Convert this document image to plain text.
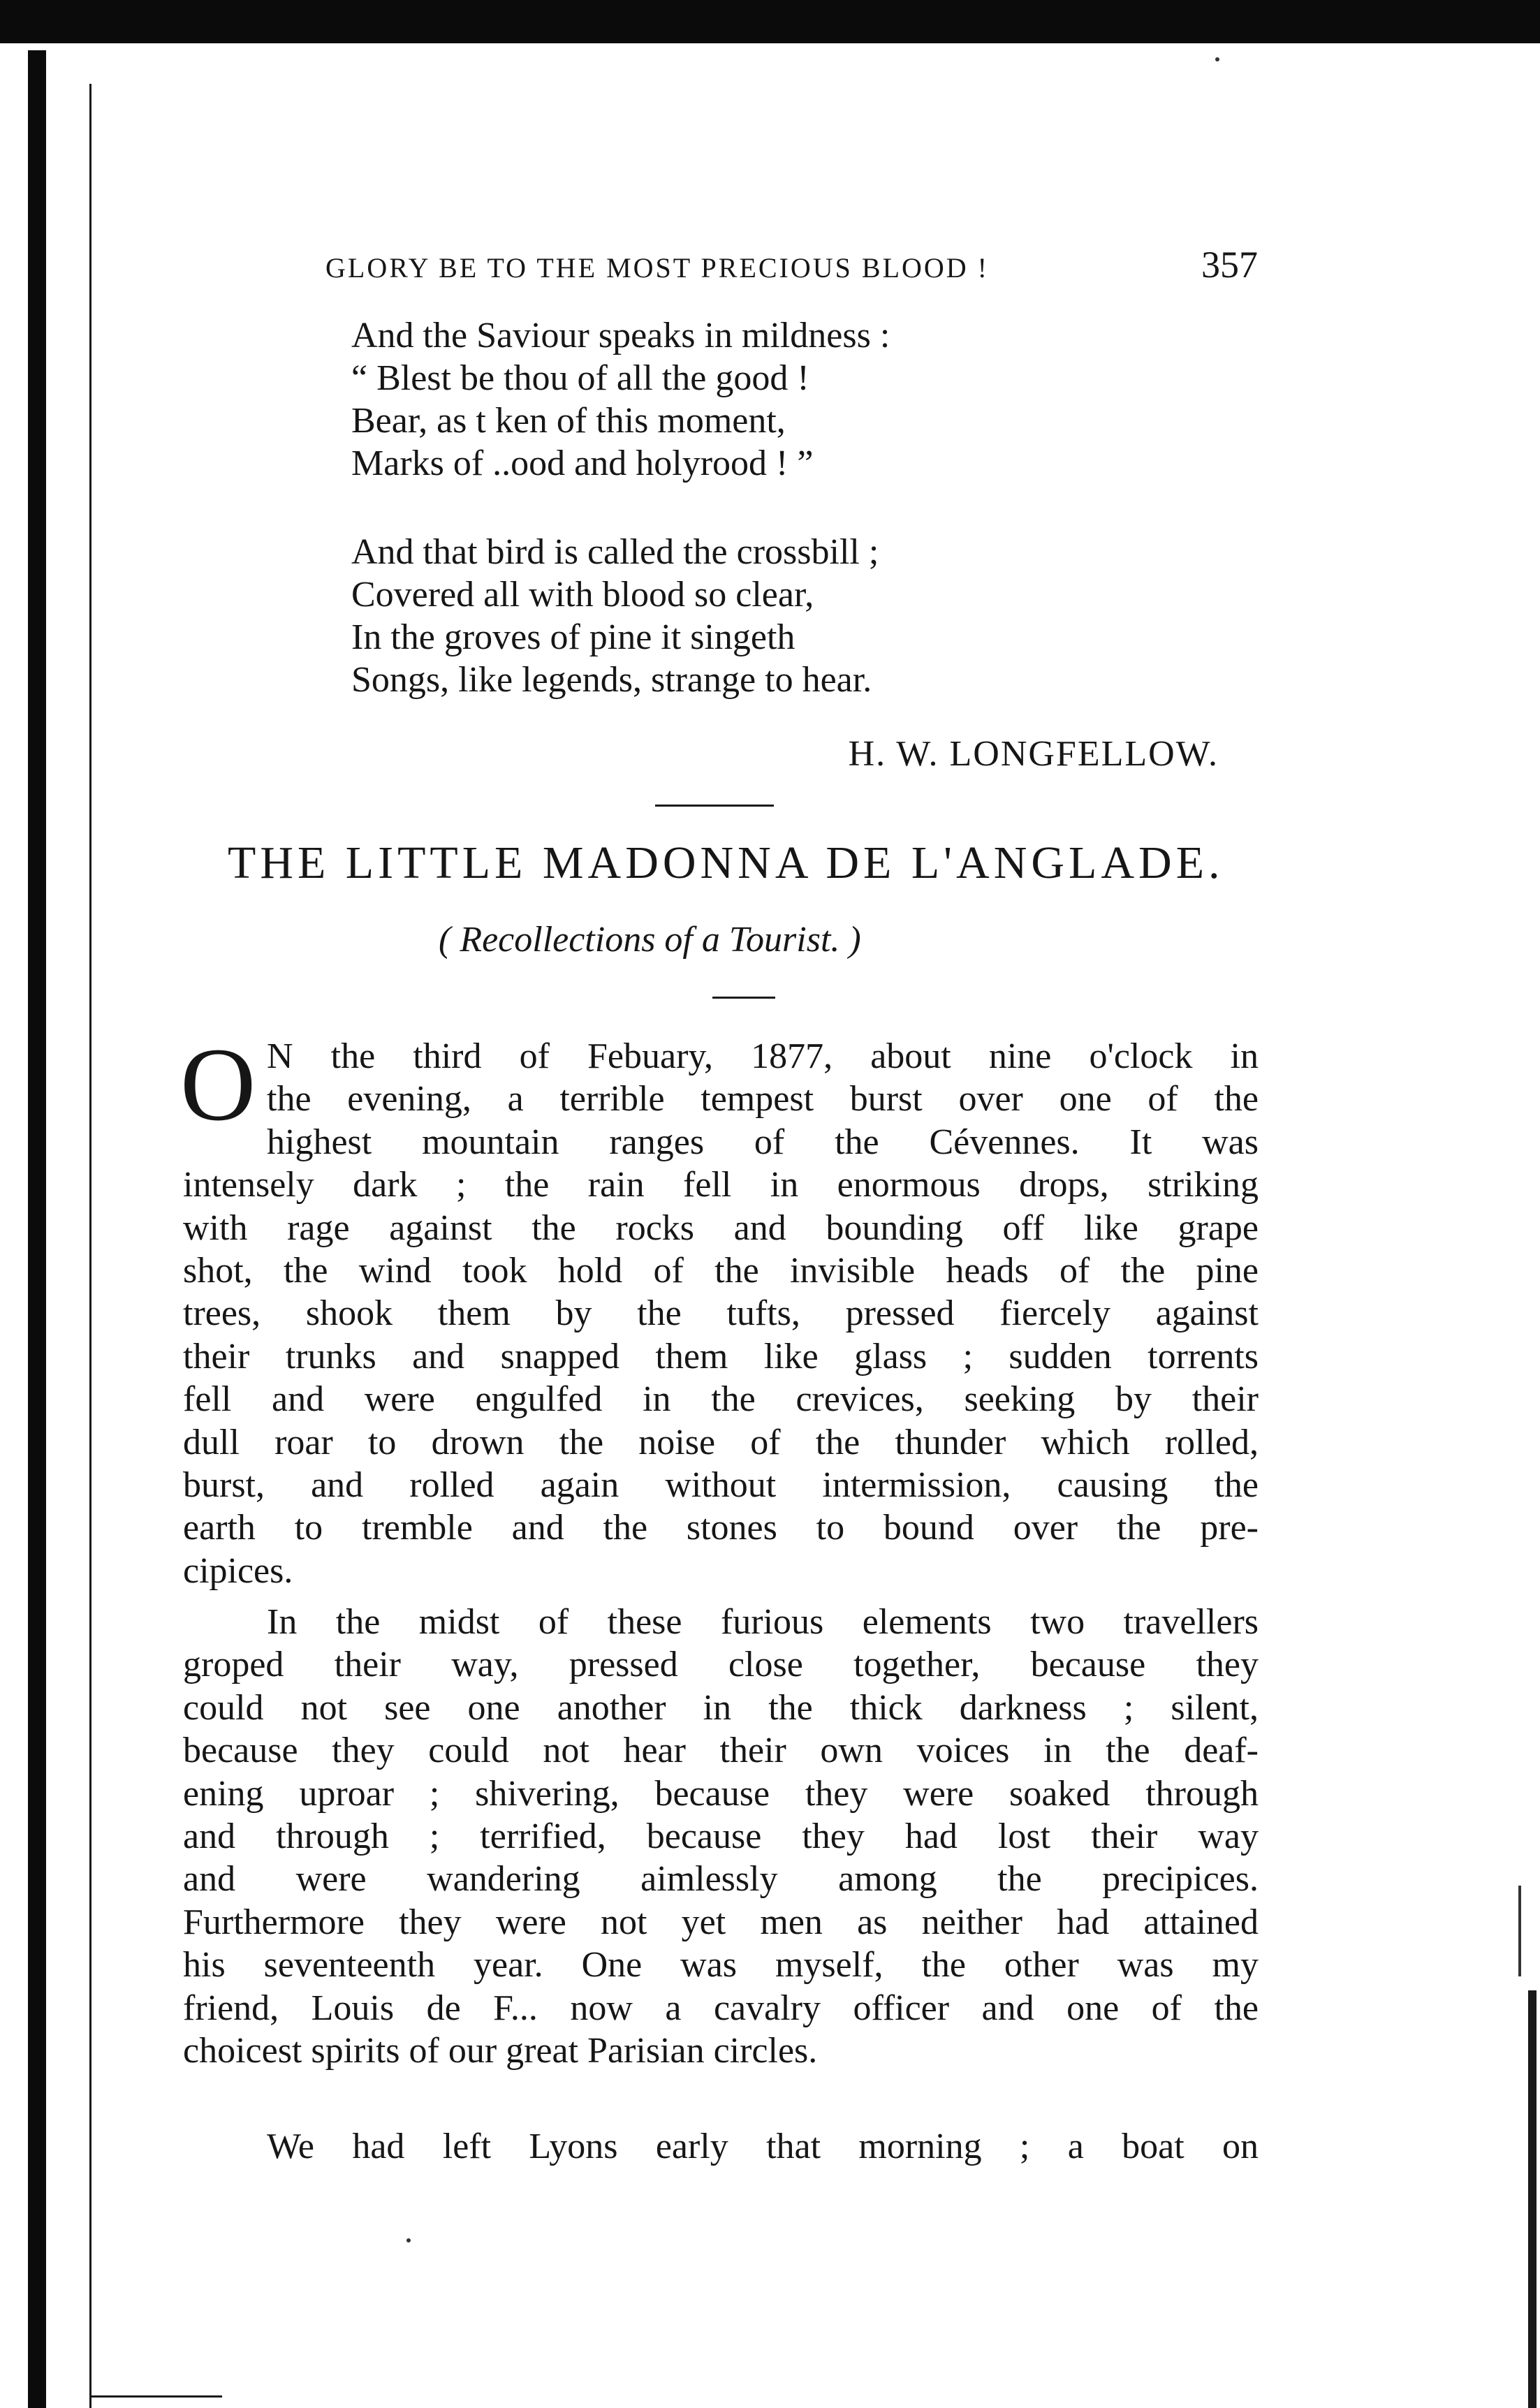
GLORY BE TO THE MOST PRECIOUS BLOOD !	357
And the Saviour speaks in mildness :
“ Blest be thou of all the good !
Bear, as t ken of this moment,
Marks of ..ood and holyrood ! ”
And that bird is called the crossbill ;
Covered all with blood so clear,
In the groves of pine it singeth
Songs, like legends, strange to hear.
H. W. LONGFELLOW.
THE LITTLE MADONNA DE L'ANGLADE.
( Recollections of a Tourist. )
O N the third of Febuary, 1877, about nine o'clock in
the evening, a terrible tempest burst over one of the
highest mountain ranges of the Cévennes. It was
intensely dark ; the rain fell in enormous drops, striking
with rage against the rocks and bounding off like grape
shot, the wind took hold of the invisible heads of the pine
trees, shook them by the tufts, pressed fiercely against
their trunks and snapped them like glass ; sudden torrents
fell and were engulfed in the crevices, seeking by their
dull roar to drown the noise of the thunder which rolled,
burst, and rolled again without intermission, causing the
earth to tremble and the stones to bound over the pre-
cipices.
In the midst of these furious elements two travellers
groped their way, pressed close together, because they
could not see one another in the thick darkness ; silent,
because they could not hear their own voices in the deaf-
ening uproar ; shivering, because they were soaked through
and through ; terrified, because they had lost their way
and were wandering aimlessly among the precipices.
Furthermore they were not yet men as neither had attained
his seventeenth year. One was myself, the other was my
friend, Louis de F... now a cavalry officer and one of the
choicest spirits of our great Parisian circles.
We had left Lyons early that morning ; a boat on
